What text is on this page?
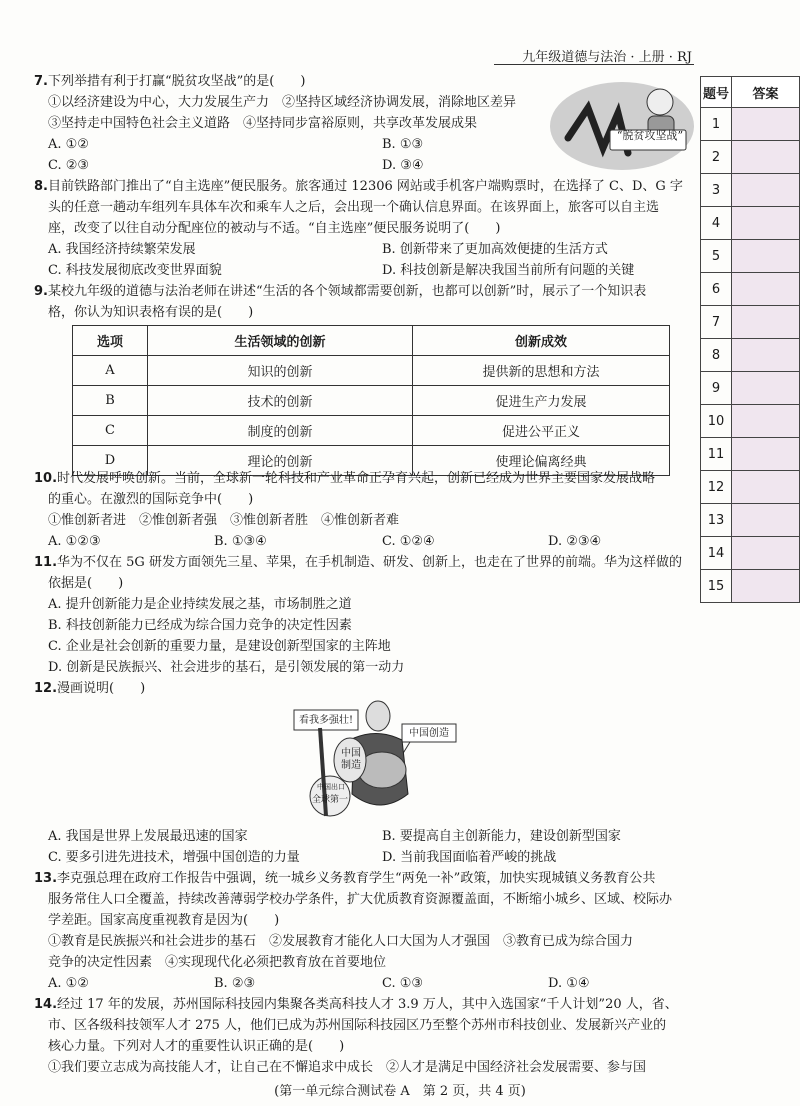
九年级道德与法治 · 上册 · RJ
7.下列举措有利于打赢“脱贫攻坚战”的是(　　)
①以经济建设为中心，大力发展生产力　②坚持区域经济协调发展，消除地区差异
③坚持走中国特色社会主义道路　④坚持同步富裕原则，共享改革发展成果
A. ①②	B. ①③
C. ②③	D. ③④
“脱贫攻坚战”
8.目前铁路部门推出了“自主选座”便民服务。旅客通过 12306 网站或手机客户端购票时，在选择了 C、D、G 字
头的任意一趟动车组列车具体车次和乘车人之后，会出现一个确认信息界面。在该界面上，旅客可以自主选
座，改变了以往自动分配座位的被动与不适。“自主选座”便民服务说明了(　　)
A. 我国经济持续繁荣发展	B. 创新带来了更加高效便捷的生活方式
C. 科技发展彻底改变世界面貌	D. 科技创新是解决我国当前所有问题的关键
9.某校九年级的道德与法治老师在讲述“生活的各个领域都需要创新，也都可以创新”时，展示了一个知识表
格，你认为知识表格有误的是(　　)
选项	生活领域的创新	创新成效
A	知识的创新	提供新的思想和方法
B	技术的创新	促进生产力发展
C	制度的创新	促进公平正义
D	理论的创新	使理论偏离经典
10.时代发展呼唤创新。当前，全球新一轮科技和产业革命正孕育兴起，创新已经成为世界主要国家发展战略
的重心。在激烈的国际竞争中(　　)
①惟创新者进　②惟创新者强　③惟创新者胜　④惟创新者难
A. ①②③	B. ①③④	C. ①②④	D. ②③④
11.华为不仅在 5G 研发方面领先三星、苹果，在手机制造、研发、创新上，也走在了世界的前端。华为这样做的
依据是(　　)
A. 提升创新能力是企业持续发展之基，市场制胜之道
B. 科技创新能力已经成为综合国力竞争的决定性因素
C. 企业是社会创新的重要力量，是建设创新型国家的主阵地
D. 创新是民族振兴、社会进步的基石，是引领发展的第一动力
12.漫画说明(　　)
看我多强壮!
中国创造
中国制造
中国出口
全球第一
A. 我国是世界上发展最迅速的国家	B. 要提高自主创新能力，建设创新型国家
C. 要多引进先进技术，增强中国创造的力量	D. 当前我国面临着严峻的挑战
13.李克强总理在政府工作报告中强调，统一城乡义务教育学生“两免一补”政策，加快实现城镇义务教育公共
服务常住人口全覆盖，持续改善薄弱学校办学条件，扩大优质教育资源覆盖面，不断缩小城乡、区域、校际办
学差距。国家高度重视教育是因为(　　)
①教育是民族振兴和社会进步的基石　②发展教育才能化人口大国为人才强国　③教育已成为综合国力
竞争的决定性因素　④实现现代化必须把教育放在首要地位
A. ①②	B. ②③	C. ①③	D. ①④
14.经过 17 年的发展，苏州国际科技园内集聚各类高科技人才 3.9 万人，其中入选国家“千人计划”20 人，省、
市、区各级科技领军人才 275 人，他们已成为苏州国际科技园区乃至整个苏州市科技创业、发展新兴产业的
核心力量。下列对人才的重要性认识正确的是(　　)
①我们要立志成为高技能人才，让自己在不懈追求中成长　②人才是满足中国经济社会发展需要、参与国
题号	答案
1	
2	
3	
4	
5	
6	
7	
8	
9	
10	
11	
12	
13	
14	
15	
(第一单元综合测试卷 A　第 2 页，共 4 页)
